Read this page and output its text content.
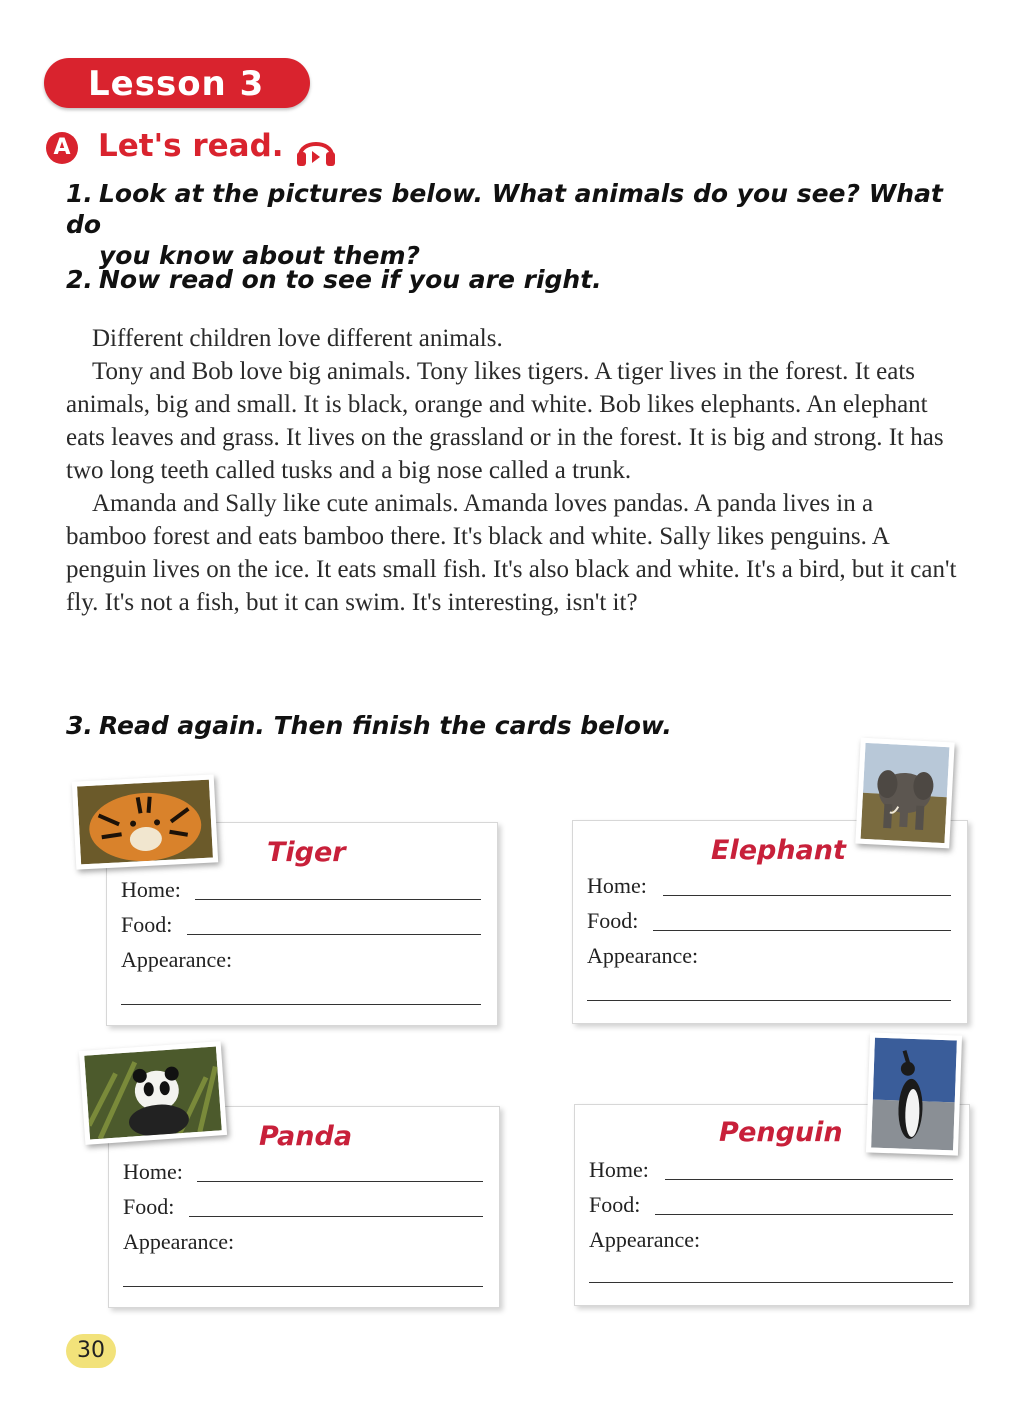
Lesson 3
A Let's read.
1. Look at the pictures below. What animals do you see? What do
you know about them?
2. Now read on to see if you are right.

Different children love different animals.

Tony and Bob love big animals. Tony likes tigers. A tiger lives in the forest. It eats animals, big and small. It is black, orange and white. Bob likes elephants. An elephant eats leaves and grass. It lives on the grassland or in the forest. It is big and strong. It has two long teeth called tusks and a big nose called a trunk.

Amanda and Sally like cute animals. Amanda loves pandas. A panda lives in a bamboo forest and eats bamboo there. It's black and white. Sally likes penguins. A penguin lives on the ice. It eats small fish. It's also black and white. It's a bird, but it can't fly. It's not a fish, but it can swim. It's interesting, isn't it?

3. Read again. Then finish the cards below.
Tiger
Home:
Food:
Appearance:
Elephant
Home:
Food:
Appearance:
Panda
Home:
Food:
Appearance:
Penguin
Home:
Food:
Appearance:
30
